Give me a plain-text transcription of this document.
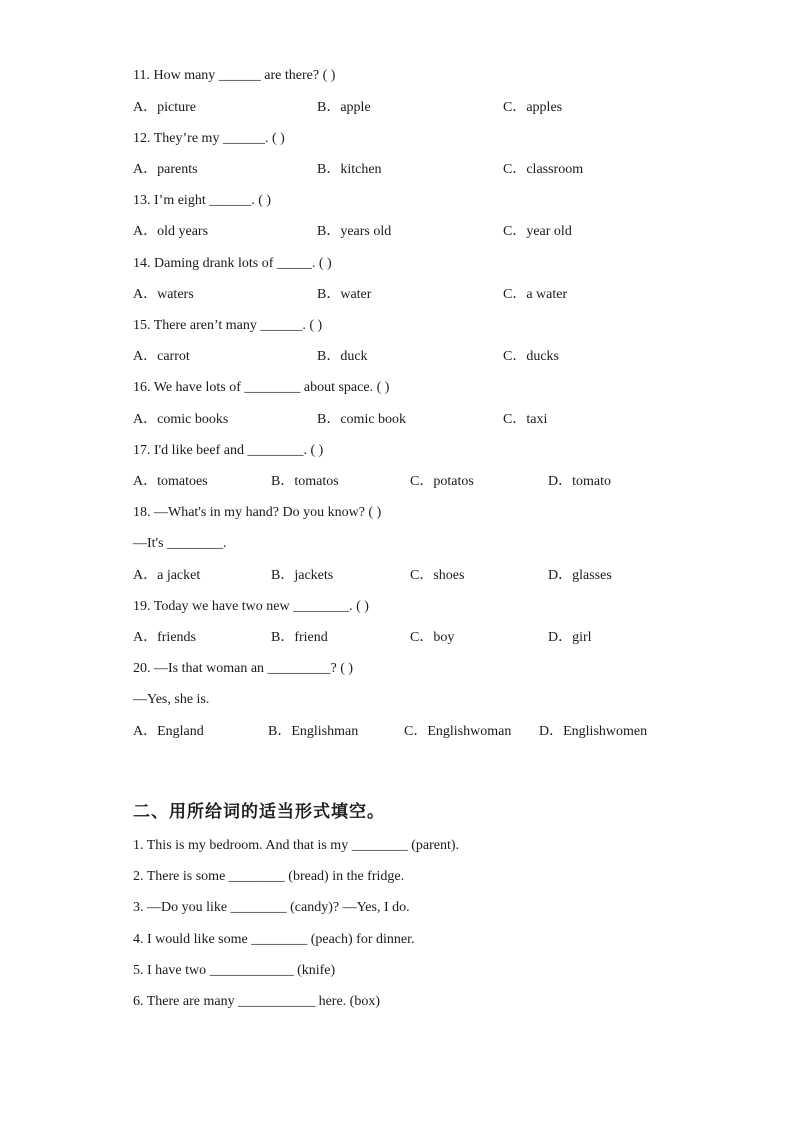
11. How many ______ are there? ( )
A．picture	B．apple	C．apples
12. They’re my ______. ( )
A．parents	B．kitchen	C．classroom
13. I’m eight ______. ( )
A．old years	B．years old	C．year old
14. Daming drank lots of _____. ( )
A．waters	B．water	C．a water
15. There aren’t many ______. ( )
A．carrot	B．duck	C．ducks
16. We have lots of ________ about space. ( )
A．comic books	B．comic book	C．taxi
17. I'd like beef and ________. ( )
A．tomatoes	B．tomatos	C．potatos	D．tomato
18. —What's in my hand? Do you know? ( )
—It's ________.
A．a jacket	B．jackets	C．shoes	D．glasses
19. Today we have two new ________. ( )
A．friends	B．friend	C．boy	D．girl
20. —Is that woman an _________? ( )
—Yes, she is.
A．England	B．Englishman	C．Englishwoman D．Englishwomen
二、用所给词的适当形式填空。
1. This is my bedroom. And that is my ________ (parent).
2. There is some ________ (bread) in the fridge.
3. —Do you like ________ (candy)? —Yes, I do.
4. I would like some ________ (peach) for dinner.
5. I have two ____________ (knife)
6. There are many ___________ here. (box)
